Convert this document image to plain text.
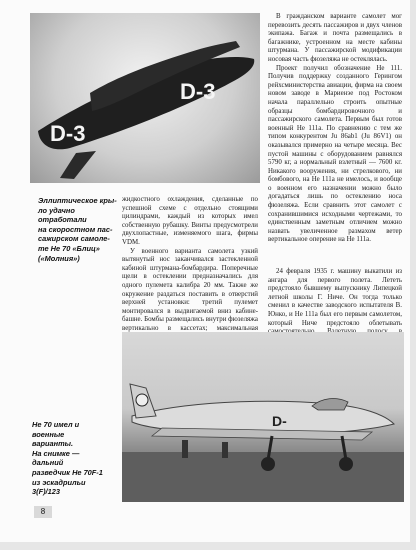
D-3
D-3

В гражданском варианте самолет мог перевозить десять пассажиров и двух членов экипажа. Багаж и почта размещались в багажнике, устроенном на месте кабины штурмана. У пассажирской модификации носовая часть фюзеляжа не остеклялась.

Проект получил обозначение He 111. Получив поддержку созданного Герингом рейхсминистерства авиации, фирма на своем новом заводе в Мариенэе под Ростоком начала параллельно строить опытные образцы бомбардировочного и пассажирского самолета. Первым был готов военный He 111a. По сравнению с тем же типом конкурентом Ju 86ab1 (Ju 86V1) он оказывался примерно на четыре месяца. Вес пустой машины с оборудованием равнялся 5790 кг, а нормальный взлетный — 7600 кг. Никакого вооружения, ни стрелкового, ни бомбового, на He 111a не имелось, и вообще о военном его назначении можно было догадаться лишь по остеклению носа фюзеляжа. Если сравнить этот самолет с сохранившимися исходными чертежами, то единственным заметным отличием можно назвать увеличенное размахом ветер вертикальное оперение на He 111a.

Эллиптическое кры-

ло удачно отработали

на скоростном пас-

сажирском самоле-

те He 70 «Блиц»

(«Молния»)

жидкостного охлаждения, сделанные по успешной схеме с отдельно стоящими цилиндрами, каждый из которых имел собственную рубашку. Винты предусмотрели двухлопастные, изменяемого шага, фирмы VDM.

У военного варианта самолета узкий вытянутый нос заканчивался застекленной кабиной штурмана-бомбардира. Поперечные щели в остеклении предназначались для одного пулемета калибра 20 мм. Также же окружение раздаться поставить в отверстий верхней установки: третий пулемет монтировался в выдвигаемой вниз кабине-башне. Бомбы размещались внутри фюзеляжа вертикально в кассетах; максимальная

24 февраля 1935 г. машину выкатили из ангара для первого полета. Лететь предстояло бывшему выпускнику Липецкой летной школы Г. Ниче. Он тогда только сменил в качестве заводского испытателя В. Юнко, и He 111a был его первым самолетом, который Ниче предстояло облетывать

D-

He 70 имел и военные

варианты.

На снимке — дальний

разведчик He 70F-1

из эскадрильи

3(F)/123

8
